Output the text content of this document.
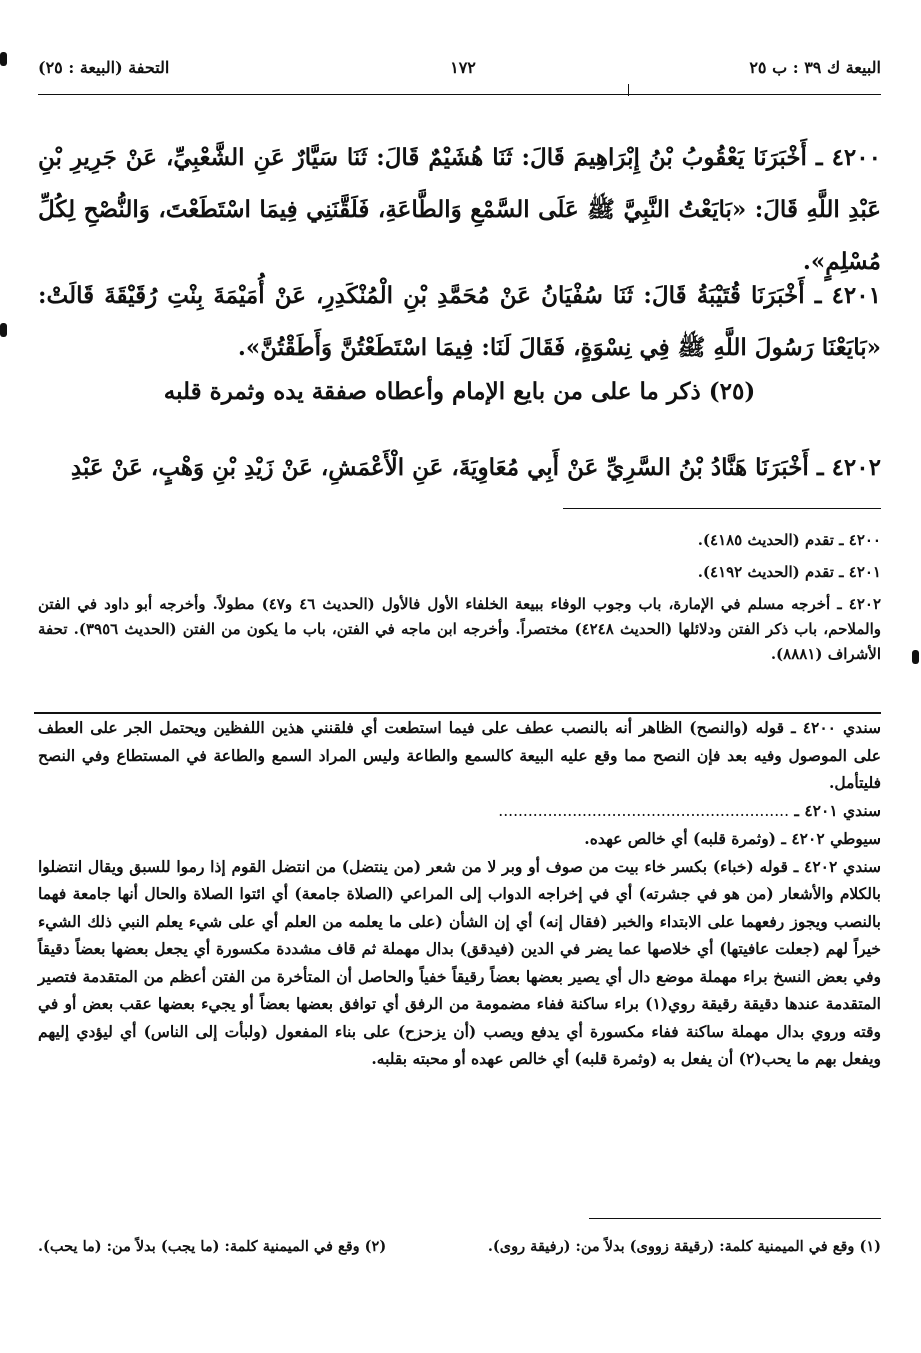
البيعة ك ٣٩ : ب ٢٥
١٧٢
التحفة (البيعة : ٢٥)
٤٢٠٠ ـ أَخْبَرَنَا يَعْقُوبُ بْنُ إِبْرَاهِيمَ قَالَ: ثَنَا هُشَيْمٌ قَالَ: ثَنَا سَيَّارٌ عَنِ الشَّعْبِيِّ، عَنْ جَرِيرِ بْنِ عَبْدِ اللَّهِ قَالَ: «بَايَعْتُ النَّبِيَّ ﷺ عَلَى السَّمْعِ وَالطَّاعَةِ، فَلَقَّنَنِي فِيمَا اسْتَطَعْتَ، وَالنُّصْحِ لِكُلِّ مُسْلِمٍ».
٤٢٠١ ـ أَخْبَرَنَا قُتَيْبَةُ قَالَ: ثَنَا سُفْيَانُ عَنْ مُحَمَّدِ بْنِ الْمُنْكَدِرِ، عَنْ أُمَيْمَةَ بِنْتِ رُقَيْقَةَ قَالَتْ: «بَايَعْنَا رَسُولَ اللَّهِ ﷺ فِي نِسْوَةٍ، فَقَالَ لَنَا: فِيمَا اسْتَطَعْتُنَّ وَأَطَقْتُنَّ».
(٢٥) ذكر ما على من بايع الإمام وأعطاه صفقة يده وثمرة قلبه
٤٢٠٢ ـ أَخْبَرَنَا هَنَّادُ بْنُ السَّرِيِّ عَنْ أَبِي مُعَاوِيَةَ، عَنِ الْأَعْمَشِ، عَنْ زَيْدِ بْنِ وَهْبٍ، عَنْ عَبْدِ

٤٢٠٠ ـ تقدم (الحديث ٤١٨٥).

٤٢٠١ ـ تقدم (الحديث ٤١٩٢).

٤٢٠٢ ـ أخرجه مسلم في الإمارة، باب وجوب الوفاء ببيعة الخلفاء الأول فالأول (الحديث ٤٦ و٤٧) مطولاً. وأخرجه أبو داود في الفتن والملاحم، باب ذكر الفتن ودلائلها (الحديث ٤٢٤٨) مختصراً. وأخرجه ابن ماجه في الفتن، باب ما يكون من الفتن (الحديث ٣٩٥٦). تحفة الأشراف (٨٨٨١).

سندي ٤٢٠٠ ـ قوله (والنصح) الظاهر أنه بالنصب عطف على فيما استطعت أي فلقنني هذين اللفظين ويحتمل الجر على العطف على الموصول وفيه بعد فإن النصح مما وقع عليه البيعة كالسمع والطاعة وليس المراد السمع والطاعة في المستطاع وفي النصح فليتأمل.

سندي ٤٢٠١ ـ ...........................................................

سيوطي ٤٢٠٢ ـ (وثمرة قلبه) أي خالص عهده.

سندي ٤٢٠٢ ـ قوله (خباء) بكسر خاء بيت من صوف أو وبر لا من شعر (من ينتضل) من انتضل القوم إذا رموا للسبق ويقال انتضلوا بالكلام والأشعار (من هو في جشرته) أي في إخراجه الدواب إلى المراعي (الصلاة جامعة) أي ائتوا الصلاة والحال أنها جامعة فهما بالنصب ويجوز رفعهما على الابتداء والخبر (فقال إنه) أي إن الشأن (على ما يعلمه من العلم أي على شيء يعلم النبي ذلك الشيء خيراً لهم (جعلت عافيتها) أي خلاصها عما يضر في الدين (فيدقق) بدال مهملة ثم قاف مشددة مكسورة أي يجعل بعضها بعضاً دقيقاً وفي بعض النسخ براء مهملة موضع دال أي يصير بعضها بعضاً رقيقاً خفياً والحاصل أن المتأخرة من الفتن أعظم من المتقدمة فتصير المتقدمة عندها دقيقة رقيقة روي(١) براء ساكنة ففاء مضمومة من الرفق أي توافق بعضها بعضاً أو يجيء بعضها عقب بعض أو في وقته وروي بدال مهملة ساكنة ففاء مكسورة أي يدفع ويصب (أن يزحزح) على بناء المفعول (ولبأت إلى الناس) أي ليؤدي إليهم ويفعل بهم ما يحب(٢) أن يفعل به (وثمرة قلبه) أي خالص عهده أو محبته بقلبه.

(١) وقع في الميمنية كلمة: (رقيقة زووى) بدلاً من: (رفيقة روى).
(٢) وقع في الميمنية كلمة: (ما يجب) بدلاً من: (ما يحب).
